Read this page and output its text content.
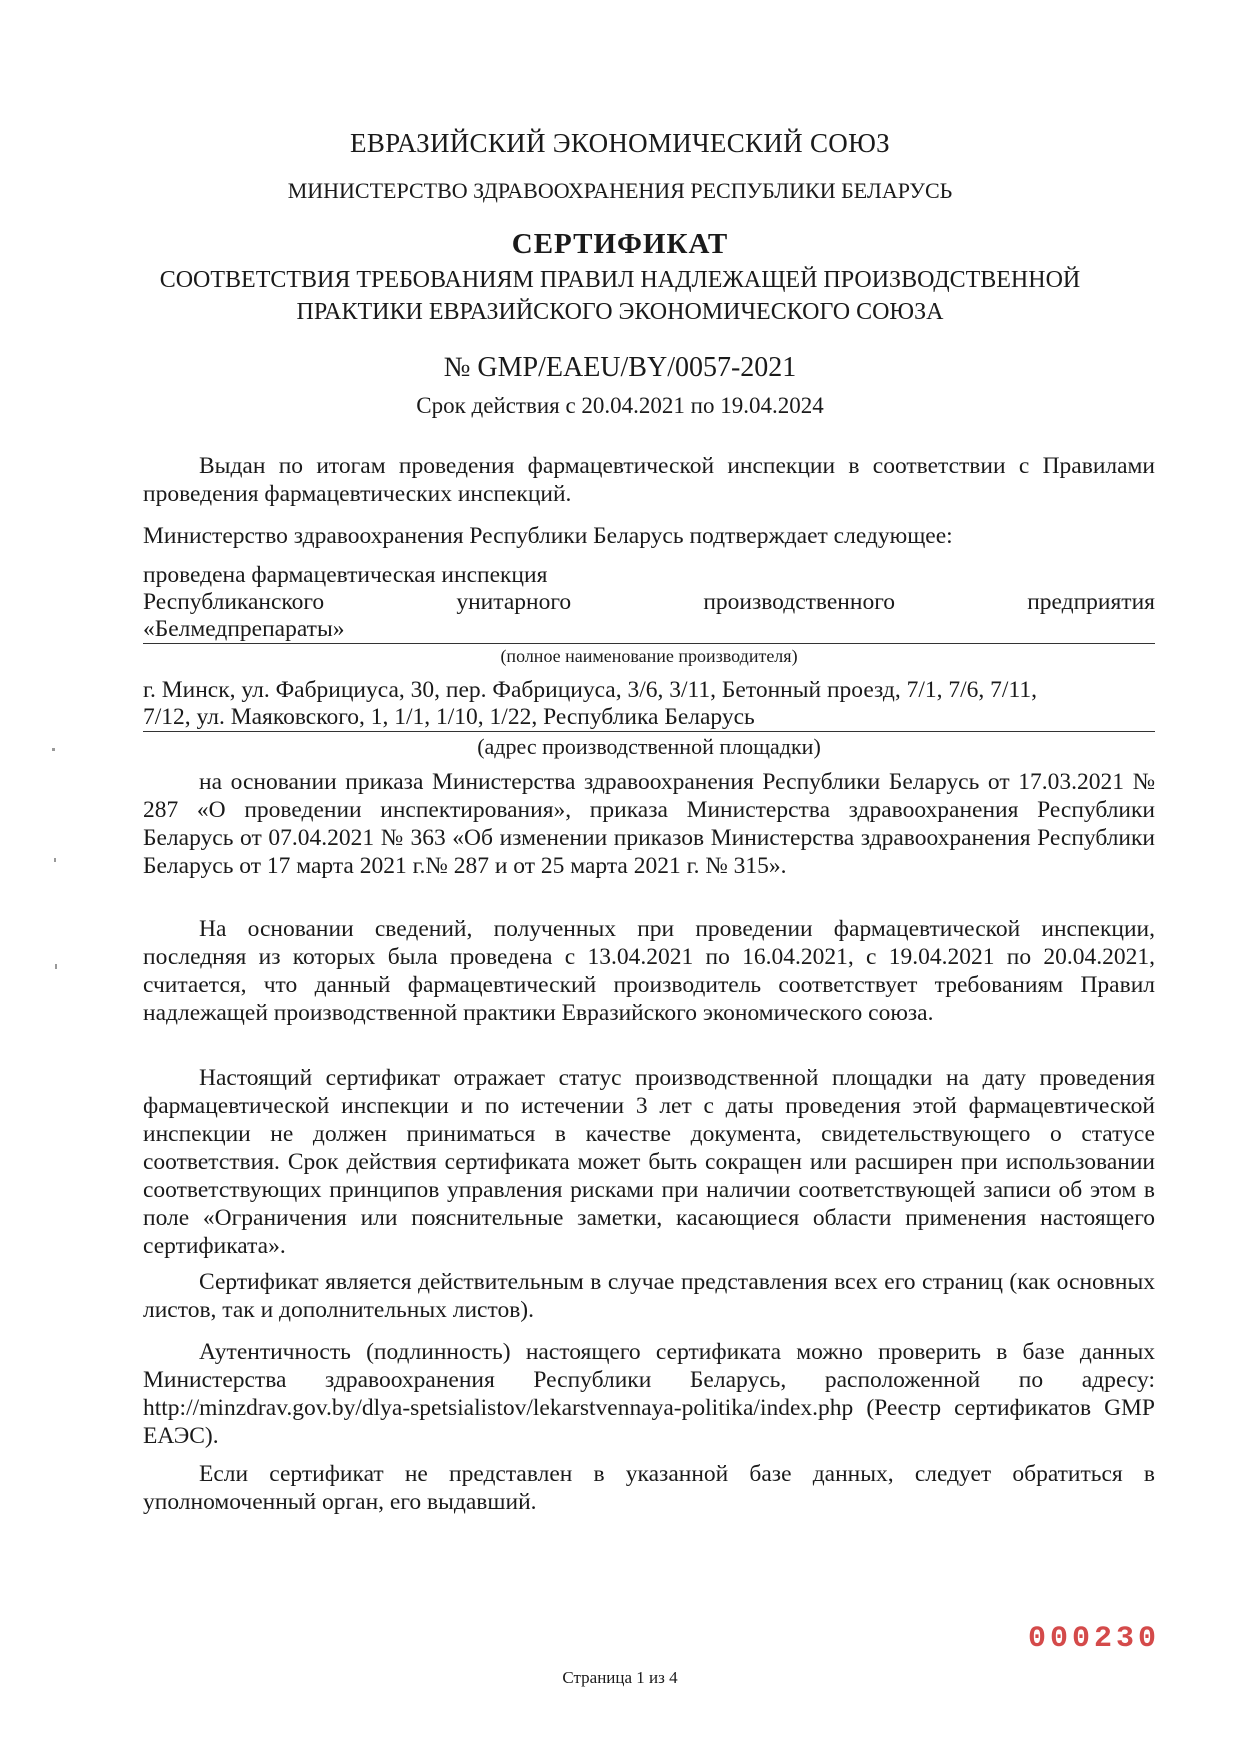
ЕВРАЗИЙСКИЙ ЭКОНОМИЧЕСКИЙ СОЮЗ
МИНИСТЕРСТВО ЗДРАВООХРАНЕНИЯ РЕСПУБЛИКИ БЕЛАРУСЬ
СЕРТИФИКАТ
СООТВЕТСТВИЯ ТРЕБОВАНИЯМ ПРАВИЛ НАДЛЕЖАЩЕЙ ПРОИЗВОДСТВЕННОЙ
ПРАКТИКИ ЕВРАЗИЙСКОГО ЭКОНОМИЧЕСКОГО СОЮЗА
№ GMP/EAEU/BY/0057-2021
Срок действия с 20.04.2021 по 19.04.2024
Выдан по итогам проведения фармацевтической инспекции в соответствии с Правилами проведения фармацевтических инспекций.
Министерство здравоохранения Республики Беларусь подтверждает следующее:
проведена фармацевтическая инспекция
Республиканского	унитарного	производственного	предприятия
«Белмедпрепараты»
(полное наименование производителя)
г. Минск, ул. Фабрициуса, 30, пер. Фабрициуса, 3/6, 3/11, Бетонный проезд, 7/1, 7/6, 7/11,
7/12, ул. Маяковского, 1, 1/1, 1/10, 1/22, Республика Беларусь
(адрес производственной площадки)
на основании приказа Министерства здравоохранения Республики Беларусь от 17.03.2021 № 287 «О проведении инспектирования», приказа Министерства здравоохранения Республики Беларусь от 07.04.2021 № 363 «Об изменении приказов Министерства здравоохранения Республики Беларусь от 17 марта 2021 г.№ 287 и от 25 марта 2021 г. № 315».
На основании сведений, полученных при проведении фармацевтической инспекции, последняя из которых была проведена с 13.04.2021 по 16.04.2021, с 19.04.2021 по 20.04.2021, считается, что данный фармацевтический производитель соответствует требованиям Правил надлежащей производственной практики Евразийского экономического союза.
Настоящий сертификат отражает статус производственной площадки на дату проведения фармацевтической инспекции и по истечении 3 лет с даты проведения этой фармацевтической инспекции не должен приниматься в качестве документа, свидетельствующего о статусе соответствия. Срок действия сертификата может быть сокращен или расширен при использовании соответствующих принципов управления рисками при наличии соответствующей записи об этом в поле «Ограничения или пояснительные заметки, касающиеся области применения настоящего сертификата».
Сертификат является действительным в случае представления всех его страниц (как основных листов, так и дополнительных листов).
Аутентичность (подлинность) настоящего сертификата можно проверить в базе данных Министерства здравоохранения Республики Беларусь, расположенной по адресу: http://minzdrav.gov.by/dlya-spetsialistov/lekarstvennaya-politika/index.php (Реестр сертификатов GMP ЕАЭС).
Если сертификат не представлен в указанной базе данных, следует обратиться в уполномоченный орган, его выдавший.
000230
Страница 1 из 4
